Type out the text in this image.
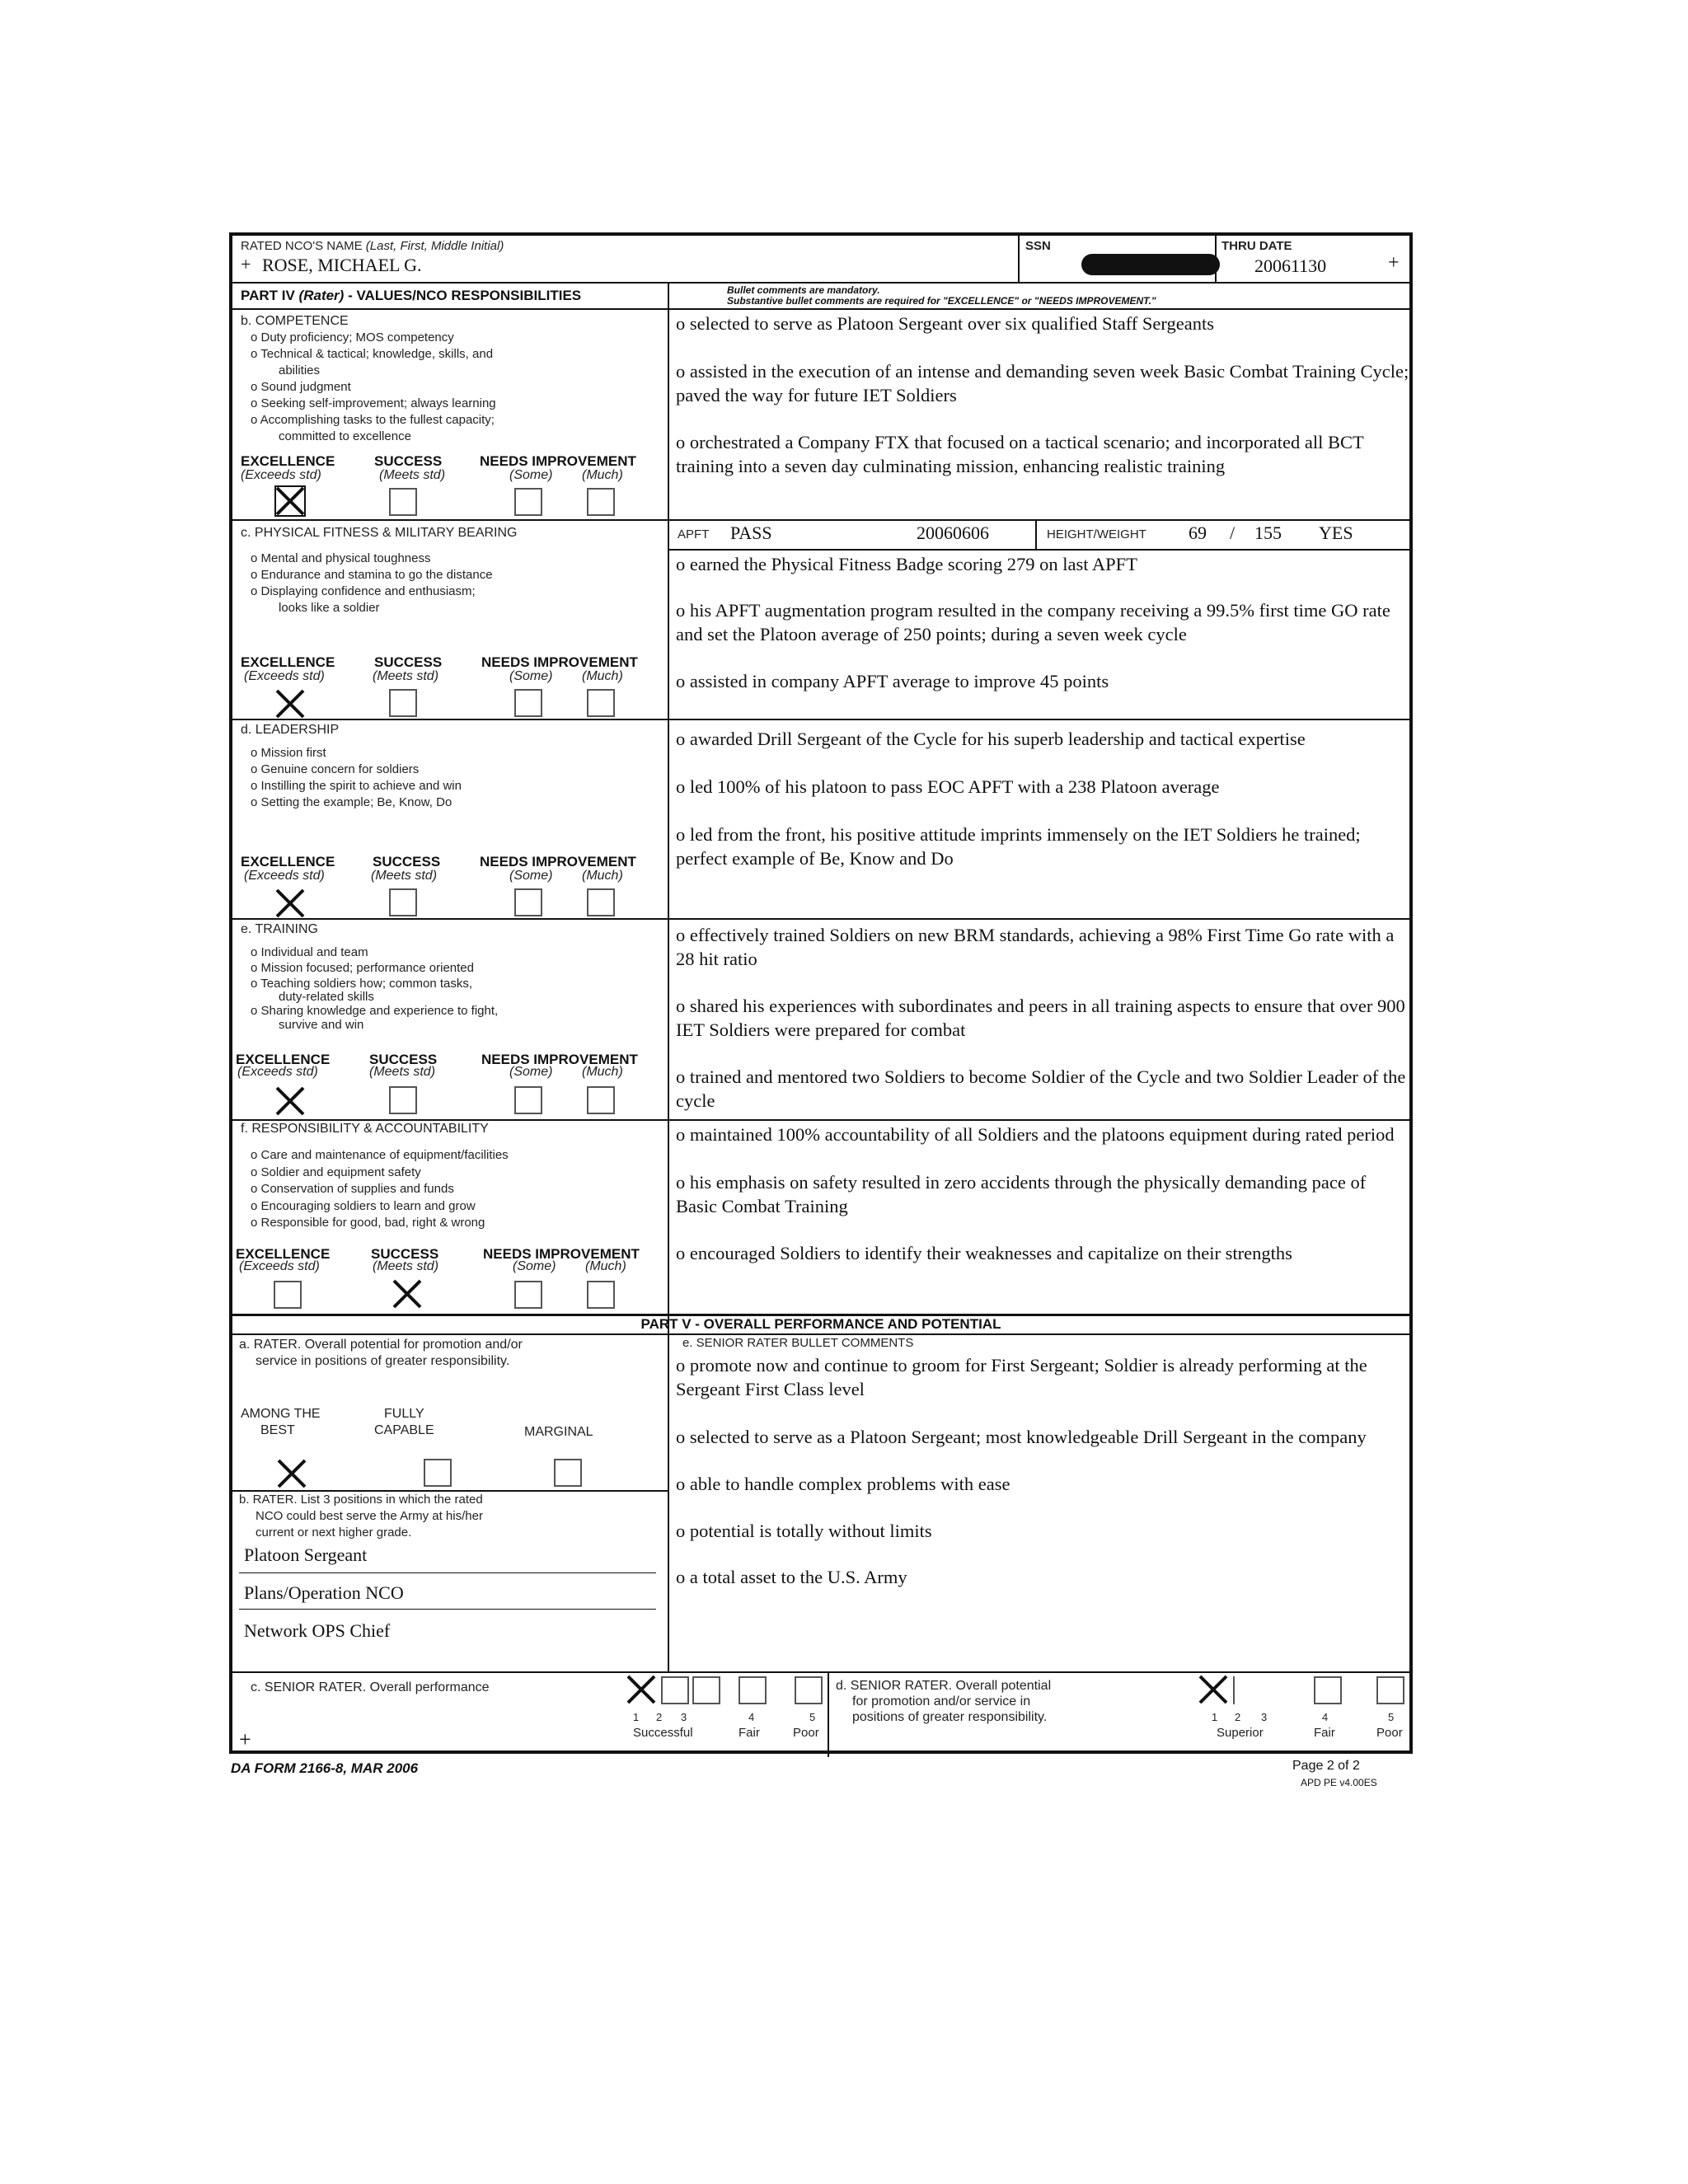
RATED NCO'S NAME (Last, First, Middle Initial)
+ ROSE, MICHAEL G.
SSN	THRU DATE
20061130	+
PART IV (Rater) - VALUES/NCO RESPONSIBILITIES	Bullet comments are mandatory.
Substantive bullet comments are required for "EXCELLENCE" or "NEEDS IMPROVEMENT."
b. COMPETENCE
o Duty proficiency; MOS competency
o Technical & tactical; knowledge, skills, and
abilities
o Sound judgment
o Seeking self-improvement; always learning
o Accomplishing tasks to the fullest capacity;
committed to excellence
EXCELLENCE
(Exceeds std)
SUCCESS
(Meets std)
NEEDS IMPROVEMENT
(Some) (Much)
o selected to serve as Platoon Sergeant over six qualified Staff Sergeants
o assisted in the execution of an intense and demanding seven week Basic Combat Training Cycle; paved the way for future IET Soldiers
o orchestrated a Company FTX that focused on a tactical scenario; and incorporated all BCT training into a seven day culminating mission, enhancing realistic training
c. PHYSICAL FITNESS & MILITARY BEARING
o Mental and physical toughness
o Endurance and stamina to go the distance
o Displaying confidence and enthusiasm;
looks like a soldier
EXCELLENCE
(Exceeds std)
SUCCESS
(Meets std)
NEEDS IMPROVEMENT
(Some) (Much)
APFT PASS	20060606	HEIGHT/WEIGHT 69 / 155 YES
o earned the Physical Fitness Badge scoring 279 on last APFT
o his APFT augmentation program resulted in the company receiving a 99.5% first time GO rate and set the Platoon average of 250 points; during a seven week cycle
o assisted in company APFT average to improve 45 points
d. LEADERSHIP
o Mission first
o Genuine concern for soldiers
o Instilling the spirit to achieve and win
o Setting the example; Be, Know, Do
EXCELLENCE
(Exceeds std)
SUCCESS
(Meets std)
NEEDS IMPROVEMENT
(Some) (Much)
o awarded Drill Sergeant of the Cycle for his superb leadership and tactical expertise
o led 100% of his platoon to pass EOC APFT with a 238 Platoon average
o led from the front, his positive attitude imprints immensely on the IET Soldiers he trained; perfect example of Be, Know and Do
e. TRAINING
o Individual and team
o Mission focused; performance oriented
o Teaching soldiers how; common tasks,
duty-related skills
o Sharing knowledge and experience to fight,
survive and win
EXCELLENCE
(Exceeds std)
SUCCESS
(Meets std)
NEEDS IMPROVEMENT
(Some) (Much)
o effectively trained Soldiers on new BRM standards, achieving a 98% First Time Go rate with a 28 hit ratio
o shared his experiences with subordinates and peers in all training aspects to ensure that over 900 IET Soldiers were prepared for combat
o trained and mentored two Soldiers to become Soldier of the Cycle and two Soldier Leader of the cycle
f. RESPONSIBILITY & ACCOUNTABILITY
o Care and maintenance of equipment/facilities
o Soldier and equipment safety
o Conservation of supplies and funds
o Encouraging soldiers to learn and grow
o Responsible for good, bad, right & wrong
EXCELLENCE
(Exceeds std)
SUCCESS
(Meets std)
NEEDS IMPROVEMENT
(Some) (Much)
o maintained 100% accountability of all Soldiers and the platoons equipment during rated period
o his emphasis on safety resulted in zero accidents through the physically demanding pace of Basic Combat Training
o encouraged Soldiers to identify their weaknesses and capitalize on their strengths
PART V - OVERALL PERFORMANCE AND POTENTIAL
a. RATER. Overall potential for promotion and/or
service in positions of greater responsibility.
AMONG THE
BEST
FULLY
CAPABLE	MARGINAL
b. RATER. List 3 positions in which the rated
NCO could best serve the Army at his/her
current or next higher grade.
Platoon Sergeant
Plans/Operation NCO
Network OPS Chief
e. SENIOR RATER BULLET COMMENTS
o promote now and continue to groom for First Sergeant; Soldier is already performing at the Sergeant First Class level
o selected to serve as a Platoon Sergeant; most knowledgeable Drill Sergeant in the company
o able to handle complex problems with ease
o potential is totally without limits
o a total asset to the U.S. Army
c. SENIOR RATER. Overall performance
1 2 3	4	5
Successful	Fair	Poor
+
d. SENIOR RATER. Overall potential
for promotion and/or service in
positions of greater responsibility.	1 2 3	4	5
Superior	Fair	Poor
DA FORM 2166-8, MAR 2006	Page 2 of 2
APD PE v4.00ES
